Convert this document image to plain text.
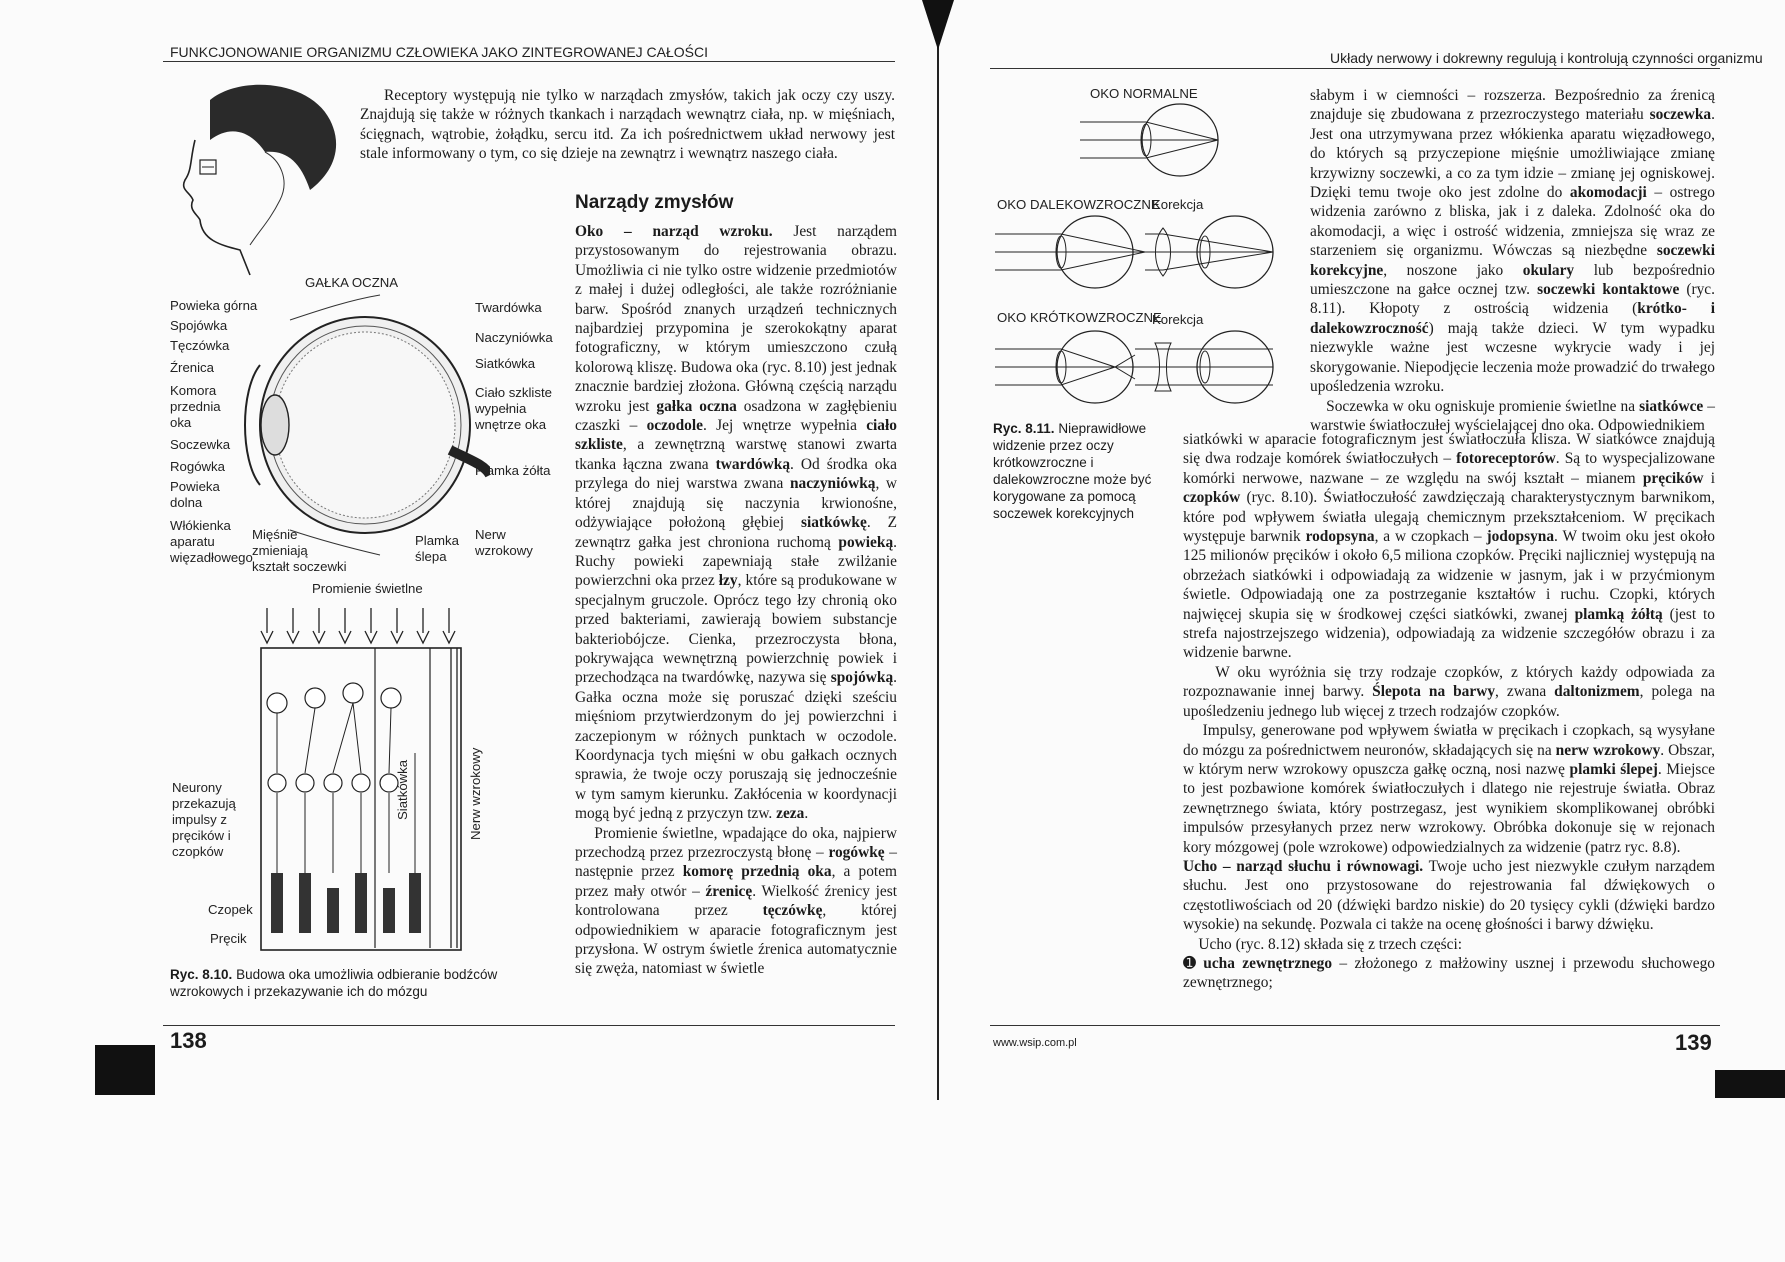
FUNKCJONOWANIE ORGANIZMU CZŁOWIEKA JAKO ZINTEGROWANEJ CAŁOŚCI

Receptory występują nie tylko w narządach zmysłów, takich jak oczy czy uszy. Znajdują się także w różnych tkankach i narządach wewnątrz ciała, np. w mięśniach, ścięgnach, wątrobie, żołądku, sercu itd. Za ich pośrednictwem układ nerwowy jest stale informowany o tym, co się dzieje na zewnątrz i wewnątrz naszego ciała.

GAŁKA OCZNA
Powieka górna
Spojówka
Tęczówka
Źrenica
Komora przednia oka
Soczewka
Rogówka
Powieka dolna
Włókienka aparatu więzadłowego
Mięśnie zmieniają kształt soczewki
Plamka ślepa
Twardówka
Naczyniówka
Siatkówka
Ciało szkliste wypełnia wnętrze oka
Plamka żółta
Nerw wzrokowy
Promienie świetlne
Neurony przekazują impulsy z pręcików i czopków
Czopek
Pręcik
Siatkówka	Nerw wzrokowy
Ryc. 8.10. Budowa oka umożliwia odbieranie bodźców wzrokowych i przekazywanie ich do mózgu
Narządy zmysłów

Oko – narząd wzroku. Jest narządem przystosowanym do rejestrowania obrazu. Umożliwia ci nie tylko ostre widzenie przedmiotów z małej i dużej odległości, ale także rozróżnianie barw. Spośród znanych urządzeń technicznych najbardziej przypomina je szerokokątny aparat fotograficzny, w którym umieszczono czułą kolorową kliszę. Budowa oka (ryc. 8.10) jest jednak znacznie bardziej złożona. Główną częścią narządu wzroku jest gałka oczna osadzona w zagłębieniu czaszki – oczodole. Jej wnętrze wypełnia ciało szkliste, a zewnętrzną warstwę stanowi zwarta tkanka łączna zwana twardówką. Od środka oka przylega do niej warstwa zwana naczyniówką, w której znajdują się naczynia krwionośne, odżywiające położoną głębiej siatkówkę. Z zewnątrz gałka jest chroniona ruchomą powieką. Ruchy powieki zapewniają stałe zwilżanie powierzchni oka przez łzy, które są produkowane w specjalnym gruczole. Oprócz tego łzy chronią oko przed bakteriami, zawierają bowiem substancje bakteriobójcze. Cienka, przezroczysta błona, pokrywająca wewnętrzną powierzchnię powiek i przechodząca na twardówkę, nazywa się spojówką. Gałka oczna może się poruszać dzięki sześciu mięśniom przytwierdzonym do jej powierzchni i zaczepionym w różnych punktach w oczodole. Koordynacja tych mięśni w obu gałkach ocznych sprawia, że twoje oczy poruszają się jednocześnie w tym samym kierunku. Zakłócenia w koordynacji mogą być jedną z przyczyn tzw. zeza.
Promienie świetlne, wpadające do oka, najpierw przechodzą przez przezroczystą błonę – rogówkę – następnie przez komorę przednią oka, a potem przez mały otwór – źrenicę. Wielkość źrenicy jest kontrolowana przez tęczówkę, której odpowiednikiem w aparacie fotograficznym jest przysłona. W ostrym świetle źrenica automatycznie się zwęża, natomiast w świetle

138
Układy nerwowy i dokrewny regulują i kontrolują czynności organizmu
OKO NORMALNE
OKO DALEKOWZROCZNE
Korekcja
OKO KRÓTKOWZROCZNE
Korekcja
Ryc. 8.11. Nieprawidłowe widzenie przez oczy krótkowzroczne i dalekowzroczne może być korygowane za pomocą soczewek korekcyjnych

słabym i w ciemności – rozszerza. Bezpośrednio za źrenicą znajduje się zbudowana z przezroczystego materiału soczewka. Jest ona utrzymywana przez włókienka aparatu więzadłowego, do których są przyczepione mięśnie umożliwiające zmianę krzywizny soczewki, a co za tym idzie – zmianę jej ogniskowej. Dzięki temu twoje oko jest zdolne do akomodacji – ostrego widzenia zarówno z bliska, jak i z daleka. Zdolność oka do akomodacji, a więc i ostrość widzenia, zmniejsza się wraz ze starzeniem się organizmu. Wówczas są niezbędne soczewki korekcyjne, noszone jako okulary lub bezpośrednio umieszczone na gałce ocznej tzw. soczewki kontaktowe (ryc. 8.11). Kłopoty z ostrością widzenia (krótko- i dalekowzroczność) mają także dzieci. W tym wypadku niezwykle ważne jest wczesne wykrycie wady i jej skorygowanie. Niepodjęcie leczenia może prowadzić do trwałego upośledzenia wzroku.
Soczewka w oku ogniskuje promienie świetlne na siatkówce – warstwie światłoczułej wyścielającej dno oka. Odpowiednikiem

siatkówki w aparacie fotograficznym jest światłoczuła klisza. W siatkówce znajdują się dwa rodzaje komórek światłoczułych – fotoreceptorów. Są to wyspecjalizowane komórki nerwowe, nazwane – ze względu na swój kształt – mianem pręcików i czopków (ryc. 8.10). Światłoczułość zawdzięczają charakterystycznym barwnikom, które pod wpływem światła ulegają chemicznym przekształceniom. W pręcikach występuje barwnik rodopsyna, a w czopkach – jodopsyna. W twoim oku jest około 125 milionów pręcików i około 6,5 miliona czopków. Pręciki najliczniej występują na obrzeżach siatkówki i odpowiadają za widzenie w jasnym, jak i w przyćmionym świetle. Odpowiadają one za postrzeganie kształtów i ruchu. Czopki, których najwięcej skupia się w środkowej części siatkówki, zwanej plamką żółtą (jest to strefa najostrzejszego widzenia), odpowiadają za widzenie szczegółów obrazu i za widzenie barwne.
W oku wyróżnia się trzy rodzaje czopków, z których każdy odpowiada za rozpoznawanie innej barwy. Ślepota na barwy, zwana daltonizmem, polega na upośledzeniu jednego lub więcej z trzech rodzajów czopków.
Impulsy, generowane pod wpływem światła w pręcikach i czopkach, są wysyłane do mózgu za pośrednictwem neuronów, składających się na nerw wzrokowy. Obszar, w którym nerw wzrokowy opuszcza gałkę oczną, nosi nazwę plamki ślepej. Miejsce to jest pozbawione komórek światłoczułych i dlatego nie rejestruje światła. Obraz zewnętrznego świata, który postrzegasz, jest wynikiem skomplikowanej obróbki impulsów przesyłanych przez nerw wzrokowy. Obróbka dokonuje się w rejonach kory mózgowej (pole wzrokowe) odpowiedzialnych za widzenie (patrz ryc. 8.8).

Ucho – narząd słuchu i równowagi. Twoje ucho jest niezwykle czułym narządem słuchu. Jest ono przystosowane do rejestrowania fal dźwiękowych o częstotliwościach od 20 (dźwięki bardzo niskie) do 20 tysięcy cykli (dźwięki bardzo wysokie) na sekundę. Pozwala ci także na ocenę głośności i barwy dźwięku.
Ucho (ryc. 8.12) składa się z trzech części:
➊ ucha zewnętrznego – złożonego z małżowiny usznej i przewodu słuchowego zewnętrznego;

www.wsip.com.pl	139
